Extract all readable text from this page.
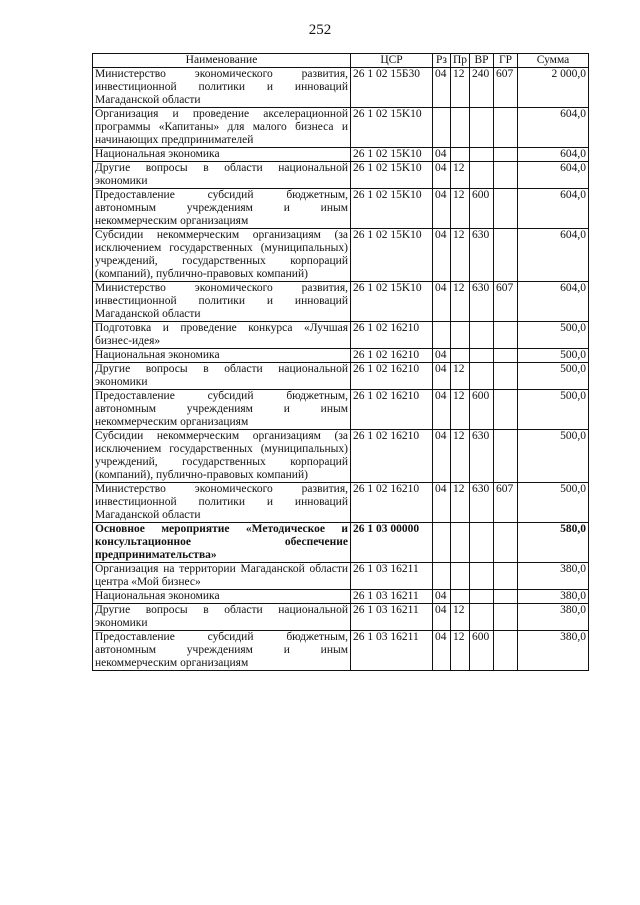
252
Наименование	ЦСР	Рз	Пр	ВР	ГР	Сумма
Министерство экономического развития, инвестиционной политики и инноваций Магаданской области	26 1 02 15Б30	04	12	240	607	2 000,0
Организация и проведение акселерационной программы «Капитаны» для малого бизнеса и начинающих предпринимателей	26 1 02 15K10					604,0
Национальная экономика	26 1 02 15K10	04				604,0
Другие вопросы в области национальной экономики	26 1 02 15K10	04	12			604,0
Предоставление субсидий бюджетным, автономным учреждениям и иным некоммерческим организациям	26 1 02 15K10	04	12	600		604,0
Субсидии некоммерческим организациям (за исключением государственных (муниципальных) учреждений, государственных корпораций (компаний), публично-правовых компаний)	26 1 02 15K10	04	12	630		604,0
Министерство экономического развития, инвестиционной политики и инноваций Магаданской области	26 1 02 15K10	04	12	630	607	604,0
Подготовка и проведение конкурса «Лучшая бизнес-идея»	26 1 02 16210					500,0
Национальная экономика	26 1 02 16210	04				500,0
Другие вопросы в области национальной экономики	26 1 02 16210	04	12			500,0
Предоставление субсидий бюджетным, автономным учреждениям и иным некоммерческим организациям	26 1 02 16210	04	12	600		500,0
Субсидии некоммерческим организациям (за исключением государственных (муниципальных) учреждений, государственных корпораций (компаний), публично-правовых компаний)	26 1 02 16210	04	12	630		500,0
Министерство экономического развития, инвестиционной политики и инноваций Магаданской области	26 1 02 16210	04	12	630	607	500,0
Основное мероприятие «Методическое и консультационное обеспечение предпринимательства»	26 1 03 00000					580,0
Организация на территории Магаданской области центра «Мой бизнес»	26 1 03 16211					380,0
Национальная экономика	26 1 03 16211	04				380,0
Другие вопросы в области национальной экономики	26 1 03 16211	04	12			380,0
Предоставление субсидий бюджетным, автономным учреждениям и иным некоммерческим организациям	26 1 03 16211	04	12	600		380,0
